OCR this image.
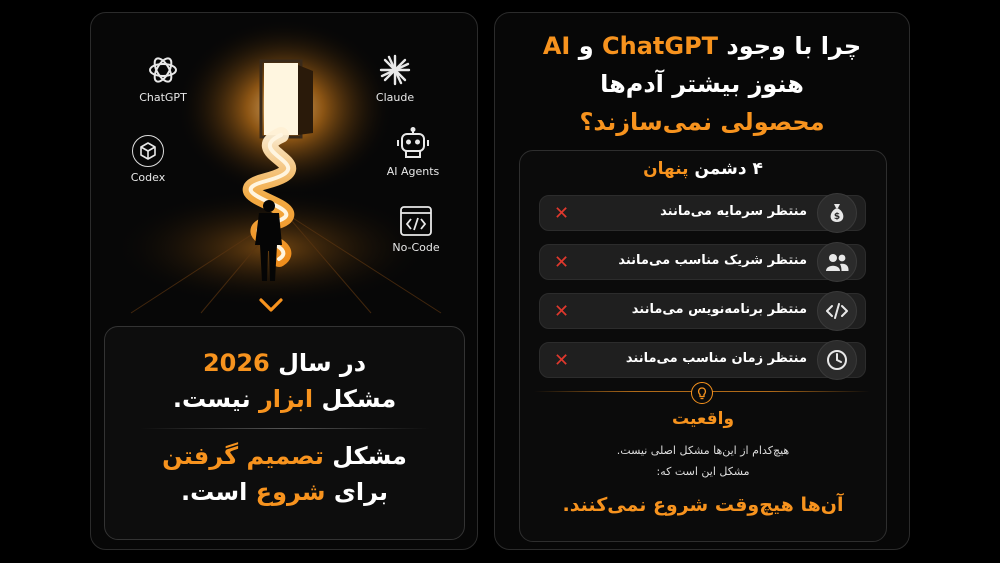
ChatGPT	Claude
Codex	AI Agents
No-Code
در سال 2026
مشکل ابزار نیست.
مشکل تصمیم گرفتن
برای شروع است.
چرا با وجود ChatGPT و AI
هنوز بیشتر آدم‌ها
محصولی نمی‌سازند؟
۴ دشمن پنهان
$
منتظر سرمایه می‌مانند
✕
منتظر شریک مناسب می‌مانند
✕
منتظر برنامه‌نویس می‌مانند
✕
منتظر زمان مناسب می‌مانند
✕
واقعیت
هیچ‌کدام از این‌ها مشکل اصلی نیست.
مشکل این است که:
آن‌ها هیچ‌وقت شروع نمی‌کنند.
